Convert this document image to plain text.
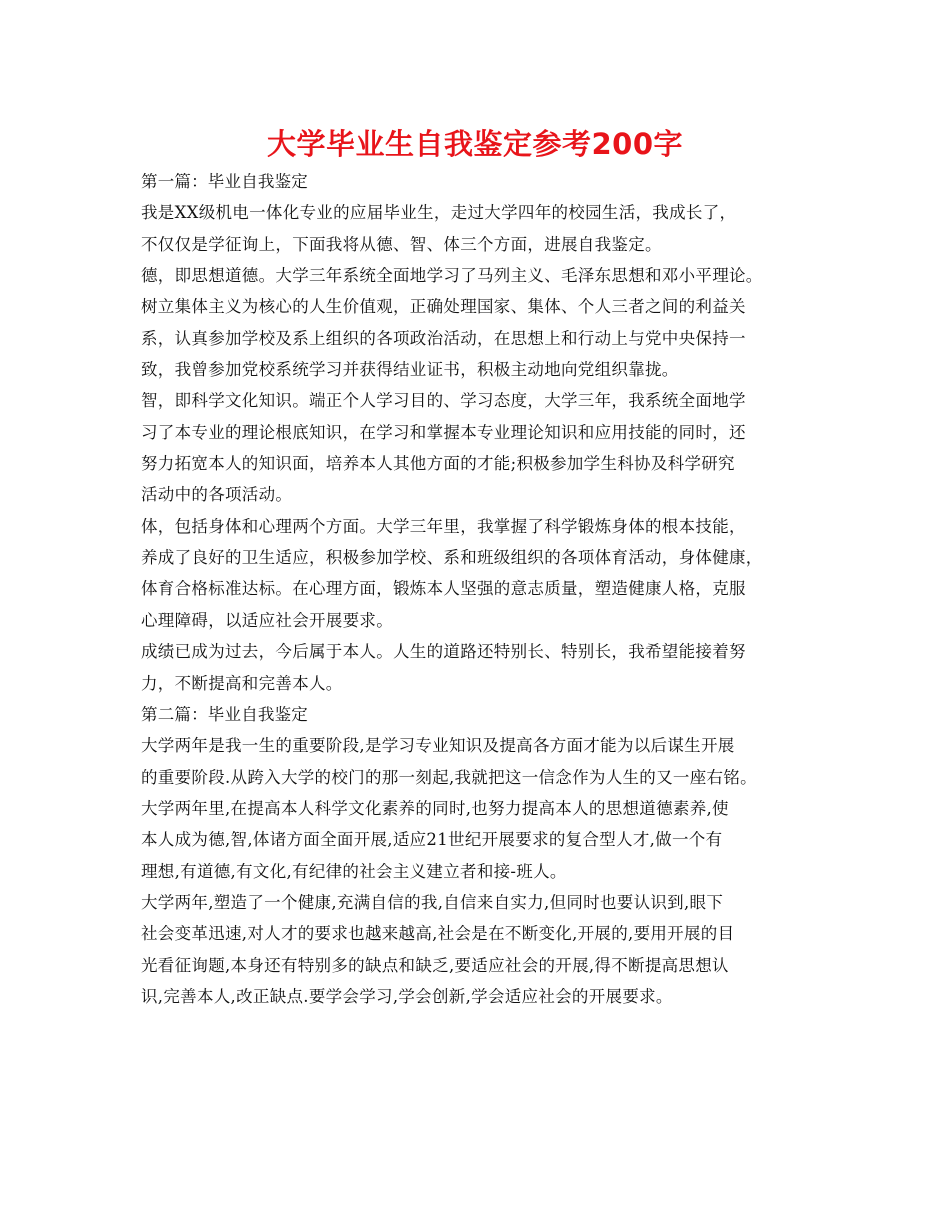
大学毕业生自我鉴定参考200字
第一篇：毕业自我鉴定
我是XX级机电一体化专业的应届毕业生，走过大学四年的校园生活，我成长了，
不仅仅是学征询上，下面我将从德、智、体三个方面，进展自我鉴定。
德，即思想道德。大学三年系统全面地学习了马列主义、毛泽东思想和邓小平理论。
树立集体主义为核心的人生价值观，正确处理国家、集体、个人三者之间的利益关
系，认真参加学校及系上组织的各项政治活动，在思想上和行动上与党中央保持一
致，我曾参加党校系统学习并获得结业证书，积极主动地向党组织靠拢。
智，即科学文化知识。端正个人学习目的、学习态度，大学三年，我系统全面地学
习了本专业的理论根底知识，在学习和掌握本专业理论知识和应用技能的同时，还
努力拓宽本人的知识面，培养本人其他方面的才能;积极参加学生科协及科学研究
活动中的各项活动。
体，包括身体和心理两个方面。大学三年里，我掌握了科学锻炼身体的根本技能，
养成了良好的卫生适应，积极参加学校、系和班级组织的各项体育活动，身体健康，
体育合格标准达标。在心理方面，锻炼本人坚强的意志质量，塑造健康人格，克服
心理障碍，以适应社会开展要求。
成绩已成为过去，今后属于本人。人生的道路还特别长、特别长，我希望能接着努
力，不断提高和完善本人。
第二篇：毕业自我鉴定
大学两年是我一生的重要阶段,是学习专业知识及提高各方面才能为以后谋生开展
的重要阶段.从跨入大学的校门的那一刻起,我就把这一信念作为人生的又一座右铭。
大学两年里,在提高本人科学文化素养的同时,也努力提高本人的思想道德素养,使
本人成为德,智,体诸方面全面开展,适应21世纪开展要求的复合型人才,做一个有
理想,有道德,有文化,有纪律的社会主义建立者和接-班人。
大学两年,塑造了一个健康,充满自信的我,自信来自实力,但同时也要认识到,眼下
社会变革迅速,对人才的要求也越来越高,社会是在不断变化,开展的,要用开展的目
光看征询题,本身还有特别多的缺点和缺乏,要适应社会的开展,得不断提高思想认
识,完善本人,改正缺点.要学会学习,学会创新,学会适应社会的开展要求。
